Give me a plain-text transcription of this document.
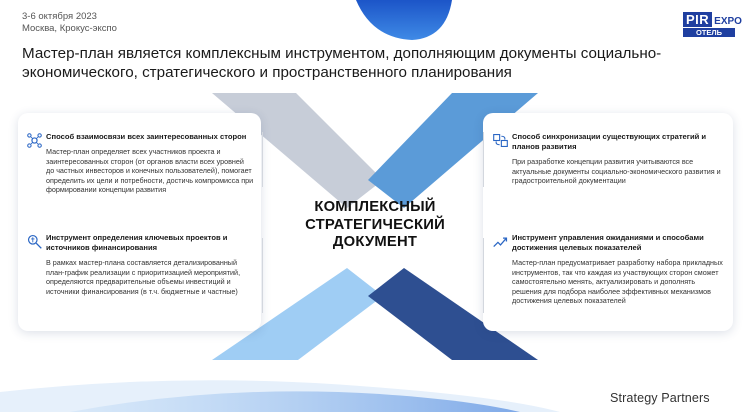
3-6 октября 2023
Москва, Крокус-экспо
PIR EXPO
ОТЕЛЬ
Мастер-план является комплексным инструментом, дополняющим документы социально-экономического, стратегического и пространственного планирования
Способ взаимосвязи всех заинтересованных сторон
Мастер-план определяет всех участников проекта и заинтересованных сторон (от органов власти всех уровней до частных инвесторов и конечных пользователей), помогает определить их цели и потребности, достичь компромисса при формировании концепции развития
Инструмент определения ключевых проектов и источников финансирования
В рамках мастер-плана составляется детализированный план-график реализации с приоритизацией мероприятий, определяются предварительные объемы инвестиций и источники финансирования (в т.ч. бюджетные и частные)
Способ синхронизации существующих стратегий и планов развития
При разработке концепции развития учитываются все актуальные документы социально-экономического развития и градостроительной документации
Инструмент управления ожиданиями и способами достижения целевых показателей
Мастер-план предусматривает разработку набора прикладных инструментов, так что каждая из участвующих сторон сможет самостоятельно менять, актуализировать и дополнять решения для подбора наиболее эффективных механизмов достижения целевых показателей
КОМПЛЕКСНЫЙ СТРАТЕГИЧЕСКИЙ ДОКУМЕНТ
Strategy Partners
